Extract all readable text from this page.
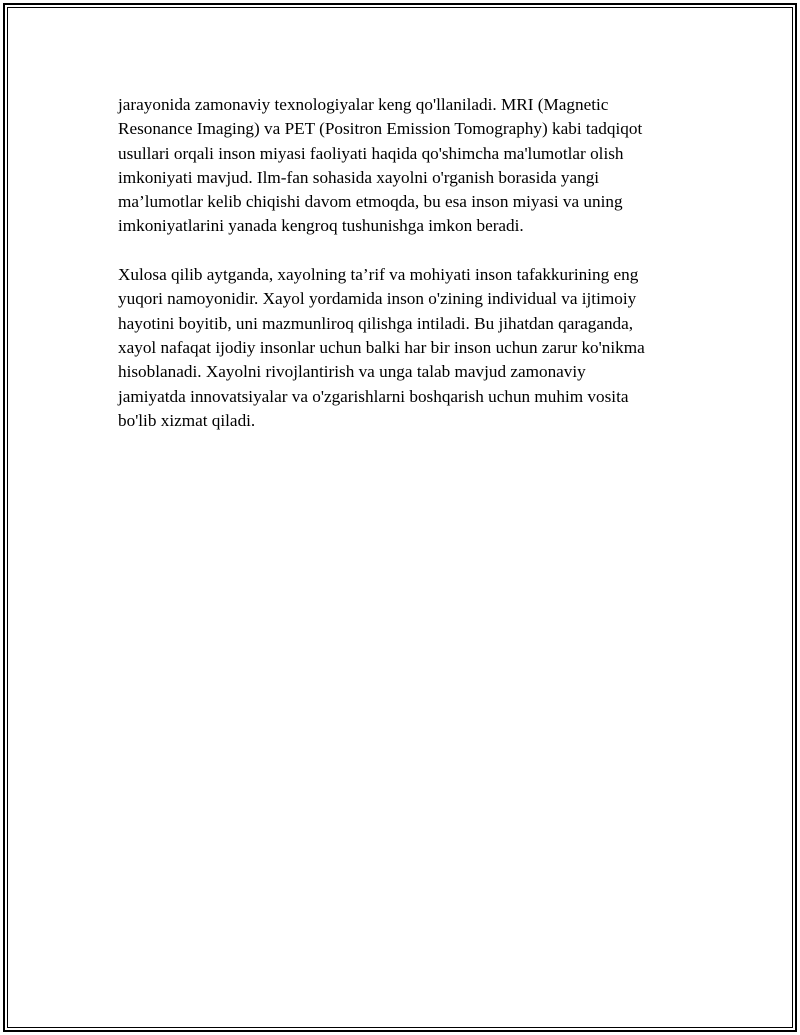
jarayonida zamonaviy texnologiyalar keng qo'llaniladi. MRI (Magnetic
Resonance Imaging) va PET (Positron Emission Tomography) kabi tadqiqot
usullari orqali inson miyasi faoliyati haqida qo'shimcha ma'lumotlar olish
imkoniyati mavjud. Ilm-fan sohasida xayolni o'rganish borasida yangi
ma’lumotlar kelib chiqishi davom etmoqda, bu esa inson miyasi va uning
imkoniyatlarini yanada kengroq tushunishga imkon beradi.

Xulosa qilib aytganda, xayolning ta’rif va mohiyati inson tafakkurining eng
yuqori namoyonidir. Xayol yordamida inson o'zining individual va ijtimoiy
hayotini boyitib, uni mazmunliroq qilishga intiladi. Bu jihatdan qaraganda,
xayol nafaqat ijodiy insonlar uchun balki har bir inson uchun zarur ko'nikma
hisoblanadi. Xayolni rivojlantirish va unga talab mavjud zamonaviy
jamiyatda innovatsiyalar va o'zgarishlarni boshqarish uchun muhim vosita
bo'lib xizmat qiladi.
